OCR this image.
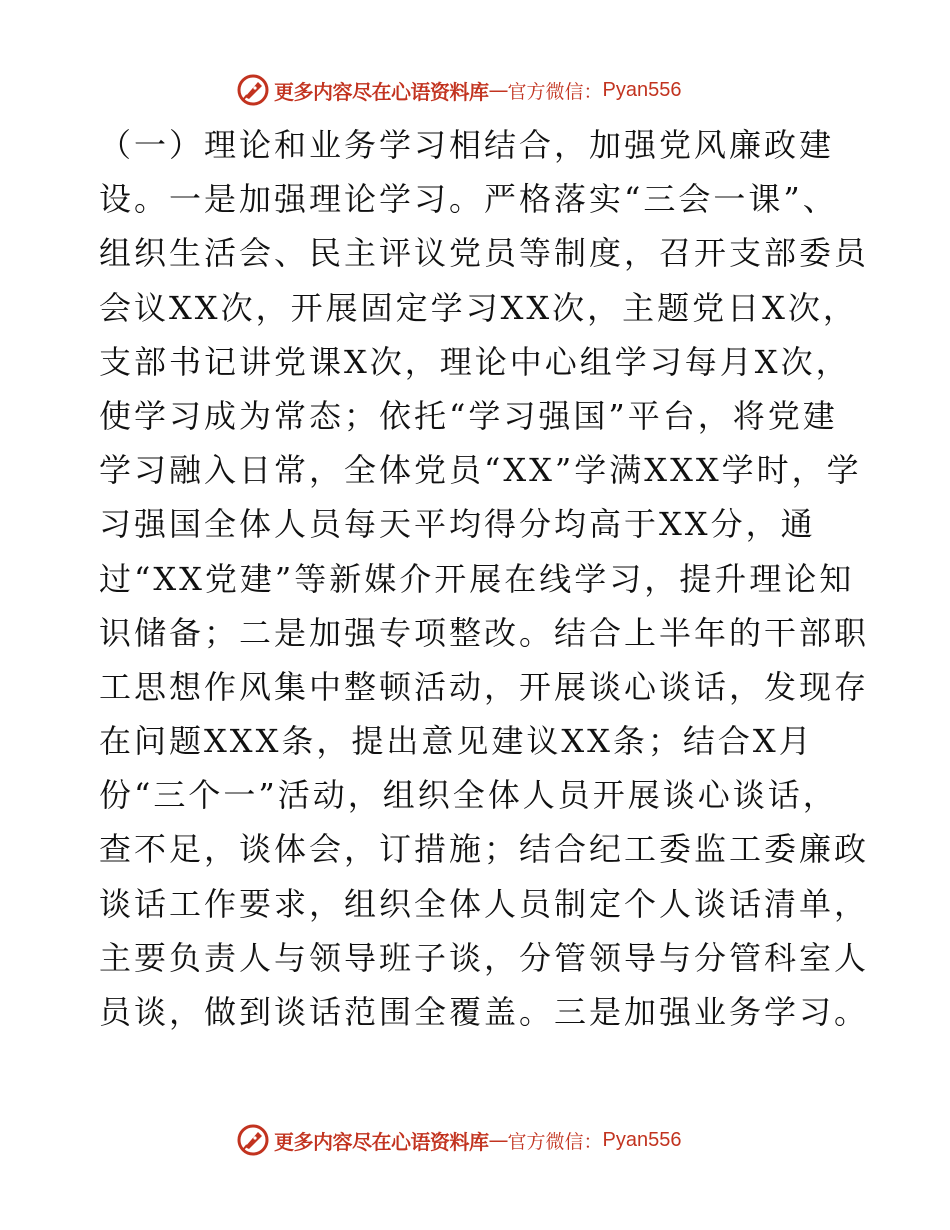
更多内容尽在心语资料库 — 官方微信： Pyan556
（一）理论和业务学习相结合，加强党风廉政建
设。一是加强理论学习。严格落实“三会一课”、
组织生活会、民主评议党员等制度，召开支部委员
会议XX次，开展固定学习XX次，主题党日X次，
支部书记讲党课X次，理论中心组学习每月X次，
使学习成为常态；依托“学习强国”平台，将党建
学习融入日常，全体党员“XX”学满XXX学时，学
习强国全体人员每天平均得分均高于XX分，通
过“XX党建”等新媒介开展在线学习，提升理论知
识储备；二是加强专项整改。结合上半年的干部职
工思想作风集中整顿活动，开展谈心谈话，发现存
在问题XXX条，提出意见建议XX条；结合X月
份“三个一”活动，组织全体人员开展谈心谈话，
查不足，谈体会，订措施；结合纪工委监工委廉政
谈话工作要求，组织全体人员制定个人谈话清单，
主要负责人与领导班子谈，分管领导与分管科室人
员谈，做到谈话范围全覆盖。三是加强业务学习。
更多内容尽在心语资料库 — 官方微信： Pyan556
